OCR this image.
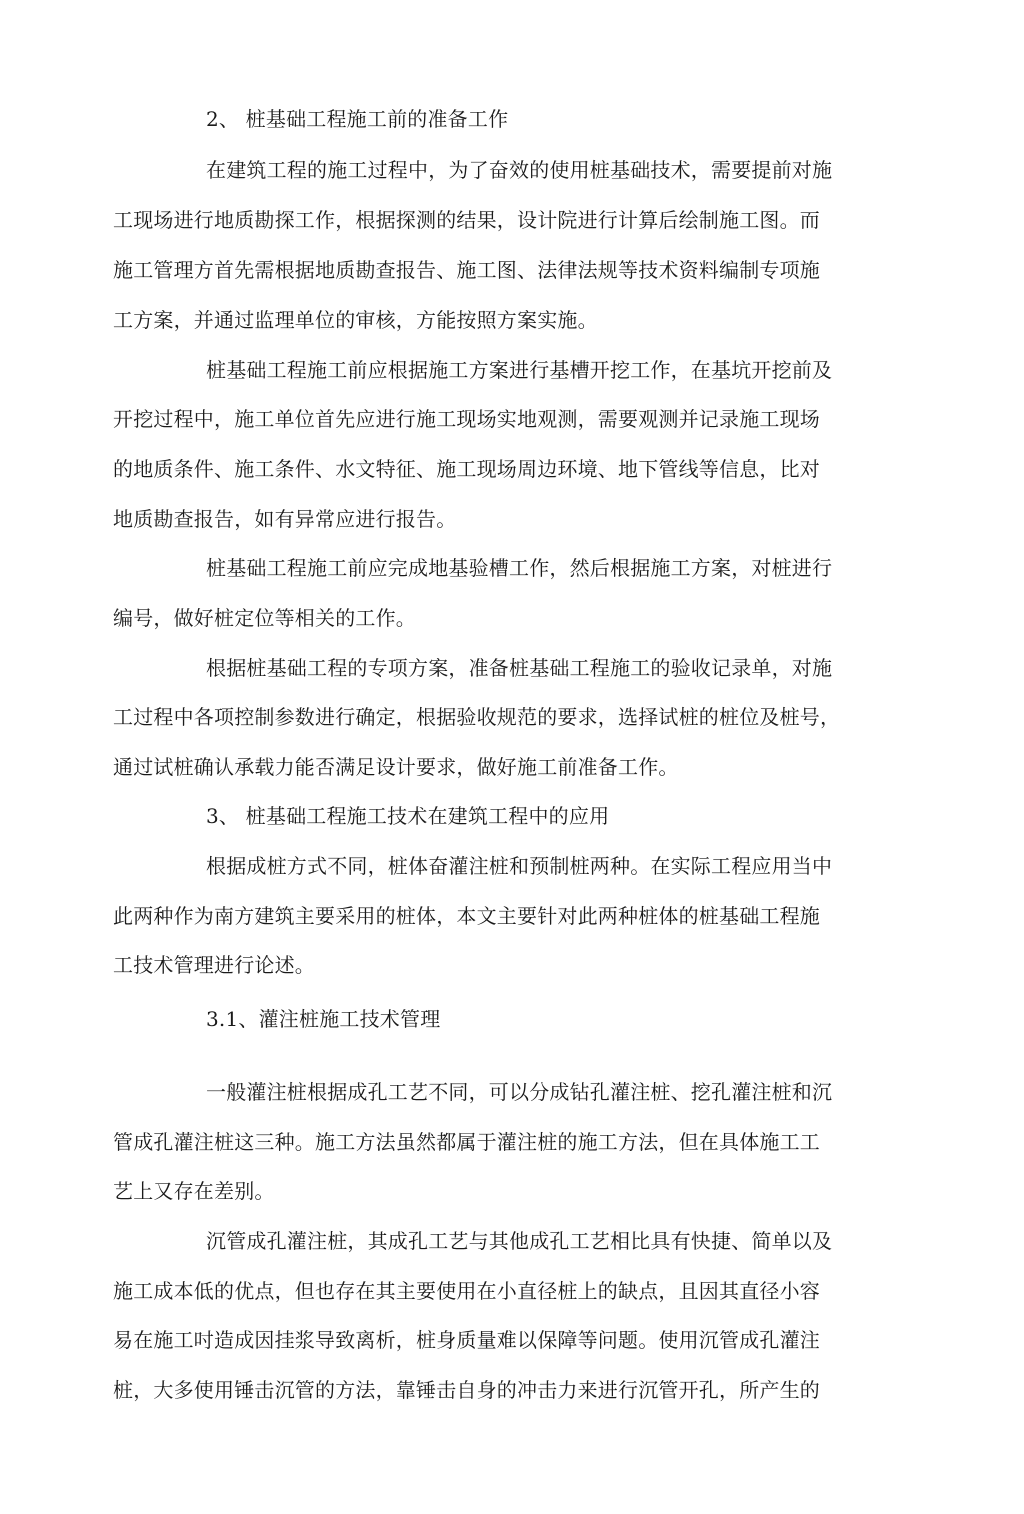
2、 桩基础工程施工前的准备工作
在建筑工程的施工过程中，为了奋效的使用桩基础技术，需要提前对施
工现场进行地质勘探工作，根据探测的结果，设计院进行计算后绘制施工图。而
施工管理方首先需根据地质勘查报告、施工图、法律法规等技术资料编制专项施
工方案，并通过监理单位的审核，方能按照方案实施。
桩基础工程施工前应根据施工方案进行基槽开挖工作，在基坑开挖前及
开挖过程中，施工单位首先应进行施工现场实地观测，需要观测并记录施工现场
的地质条件、施工条件、水文特征、施工现场周边环境、地下管线等信息，比对
地质勘查报告，如有异常应进行报告。
桩基础工程施工前应完成地基验槽工作，然后根据施工方案，对桩进行
编号，做好桩定位等相关的工作。
根据桩基础工程的专项方案，准备桩基础工程施工的验收记录单，对施
工过程中各项控制参数进行确定，根据验收规范的要求，选择试桩的桩位及桩号，
通过试桩确认承载力能否满足设计要求，做好施工前准备工作。
3、 桩基础工程施工技术在建筑工程中的应用
根据成桩方式不同，桩体奋灌注桩和预制桩两种。在实际工程应用当中
此两种作为南方建筑主要采用的桩体，本文主要针对此两种桩体的桩基础工程施
工技术管理进行论述。
3.1、灌注桩施工技术管理
一般灌注桩根据成孔工艺不同，可以分成钻孔灌注桩、挖孔灌注桩和沉
管成孔灌注桩这三种。施工方法虽然都属于灌注桩的施工方法，但在具体施工工
艺上又存在差别。
沉管成孔灌注桩，其成孔工艺与其他成孔工艺相比具有快捷、简单以及
施工成本低的优点，但也存在其主要使用在小直径桩上的缺点，且因其直径小容
易在施工吋造成因挂浆导致离析，桩身质量难以保障等问题。使用沉管成孔灌注
桩，大多使用锤击沉管的方法，靠锤击自身的冲击力来进行沉管开孔，所产生的
